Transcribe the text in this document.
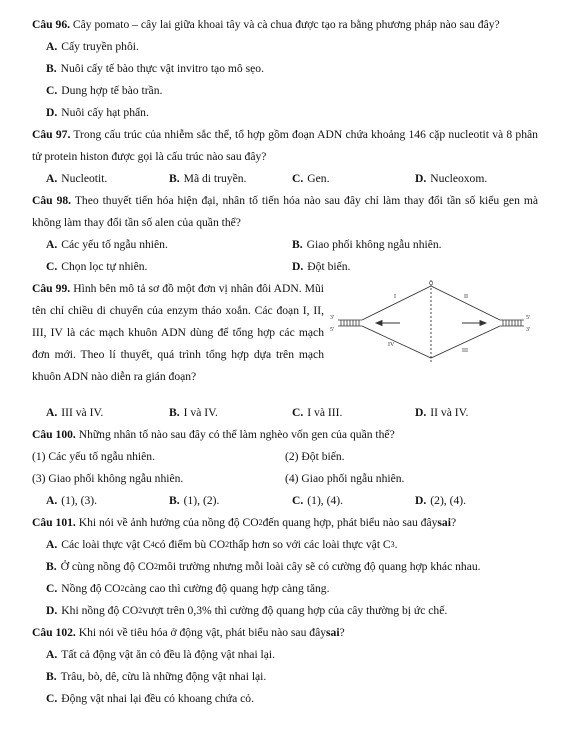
Câu 96. Cây pomato – cây lai giữa khoai tây và cà chua được tạo ra bằng phương pháp nào sau đây?
A. Cấy truyền phôi.
B. Nuôi cấy tế bào thực vật invitro tạo mô sẹo.
C. Dung hợp tế bào trần.
D. Nuôi cấy hạt phấn.
Câu 97. Trong cấu trúc của nhiễm sắc thể, tổ hợp gồm đoạn ADN chứa khoảng 146 cặp nucleotit và 8 phân tử protein histon được gọi là cấu trúc nào sau đây?
A. Nucleotit.	B. Mã di truyền.	C. Gen.	D. Nucleoxom.
Câu 98. Theo thuyết tiến hóa hiện đại, nhân tố tiến hóa nào sau đây chỉ làm thay đổi tần số kiểu gen mà không làm thay đổi tần số alen của quần thể?
A. Các yếu tố ngẫu nhiên.	B. Giao phối không ngẫu nhiên.
C. Chọn lọc tự nhiên.	D. Đột biến.
Câu 99. Hình bên mô tả sơ đồ một đơn vị nhân đôi ADN. Mũi tên chỉ chiều di chuyển của enzym tháo xoắn. Các đoạn I, II, III, IV là các mạch khuôn ADN dùng để tổng hợp các mạch đơn mới. Theo lí thuyết, quá trình tổng hợp dựa trên mạch khuôn ADN nào diễn ra gián đoạn?
O
I	II
III
IV
3'
5'
5'
3'
A. III và IV.	B. I và IV.	C. I và III.	D. II và IV.
Câu 100.
Những nhân tố nào sau đây có thể làm nghèo vốn gen của quần thể?
(1) Các yếu tố ngẫu nhiên.	(2) Đột biến.
(3) Giao phối không ngẫu nhiên.	(4) Giao phối ngẫu nhiên.
A. (1), (3).	B. (1), (2).	C. (1), (4).	D. (2), (4).
Câu 101.
Khi nói về ảnh hưởng của nồng độ CO 2 đến quang hợp, phát biểu nào sau đây sai ?
A. Các loài thực vật C 4 có điểm bù CO 2 thấp hơn so với các loài thực vật C 3 .
B. Ở cùng nồng độ CO 2 môi trường nhưng mỗi loài cây sẽ có cường độ quang hợp khác nhau.
C. Nồng độ CO 2 càng cao thì cường độ quang hợp càng tăng.
D. Khi nồng độ CO 2 vượt trên 0,3% thì cường độ quang hợp của cây thường bị ức chế.
Câu 102.
Khi nói về tiêu hóa ở động vật, phát biểu nào sau đây sai ?
A. Tất cả động vật ăn cỏ đều là động vật nhai lại.
B. Trâu, bò, dê, cừu là những động vật nhai lại.
C. Động vật nhai lại đều có khoang chứa cỏ.
